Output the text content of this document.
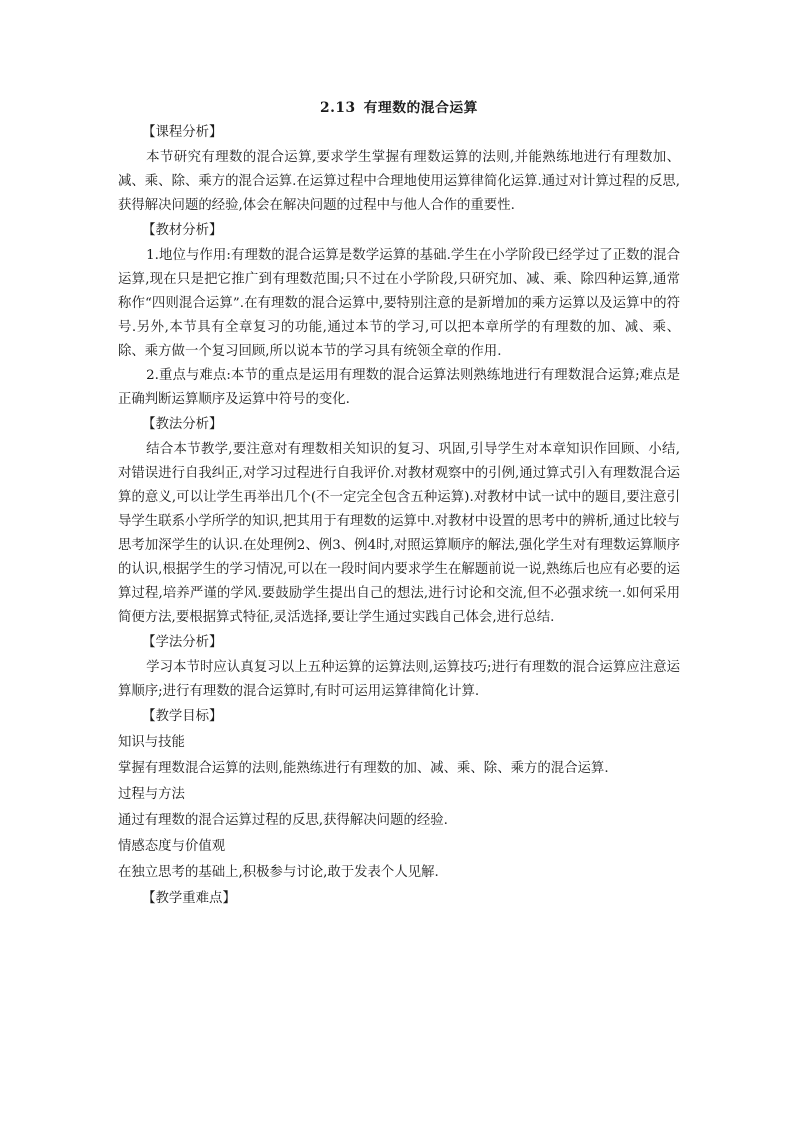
2.13 有理数的混合运算
【课程分析】

本节研究有理数的混合运算,要求学生掌握有理数运算的法则,并能熟练地进行有理数加、减、乘、除、乘方的混合运算.在运算过程中合理地使用运算律简化运算.通过对计算过程的反思,获得解决问题的经验,体会在解决问题的过程中与他人合作的重要性.

【教材分析】

1.地位与作用:有理数的混合运算是数学运算的基础.学生在小学阶段已经学过了正数的混合运算,现在只是把它推广到有理数范围;只不过在小学阶段,只研究加、减、乘、除四种运算,通常称作“四则混合运算”.在有理数的混合运算中,要特别注意的是新增加的乘方运算以及运算中的符号.另外,本节具有全章复习的功能,通过本节的学习,可以把本章所学的有理数的加、减、乘、除、乘方做一个复习回顾,所以说本节的学习具有统领全章的作用.

2.重点与难点:本节的重点是运用有理数的混合运算法则熟练地进行有理数混合运算;难点是正确判断运算顺序及运算中符号的变化.

【教法分析】

结合本节教学,要注意对有理数相关知识的复习、巩固,引导学生对本章知识作回顾、小结,对错误进行自我纠正,对学习过程进行自我评价.对教材观察中的引例,通过算式引入有理数混合运算的意义,可以让学生再举出几个(不一定完全包含五种运算).对教材中试一试中的题目,要注意引导学生联系小学所学的知识,把其用于有理数的运算中.对教材中设置的思考中的辨析,通过比较与思考加深学生的认识.在处理例2、例3、例4时,对照运算顺序的解法,强化学生对有理数运算顺序的认识,根据学生的学习情况,可以在一段时间内要求学生在解题前说一说,熟练后也应有必要的运算过程,培养严谨的学风.要鼓励学生提出自己的想法,进行讨论和交流,但不必强求统一.如何采用简便方法,要根据算式特征,灵活选择,要让学生通过实践自己体会,进行总结.

【学法分析】

学习本节时应认真复习以上五种运算的运算法则,运算技巧;进行有理数的混合运算应注意运算顺序;进行有理数的混合运算时,有时可运用运算律简化计算.

【教学目标】
知识与技能
掌握有理数混合运算的法则,能熟练进行有理数的加、减、乘、除、乘方的混合运算.
过程与方法
通过有理数的混合运算过程的反思,获得解决问题的经验.
情感态度与价值观
在独立思考的基础上,积极参与讨论,敢于发表个人见解.
【教学重难点】
